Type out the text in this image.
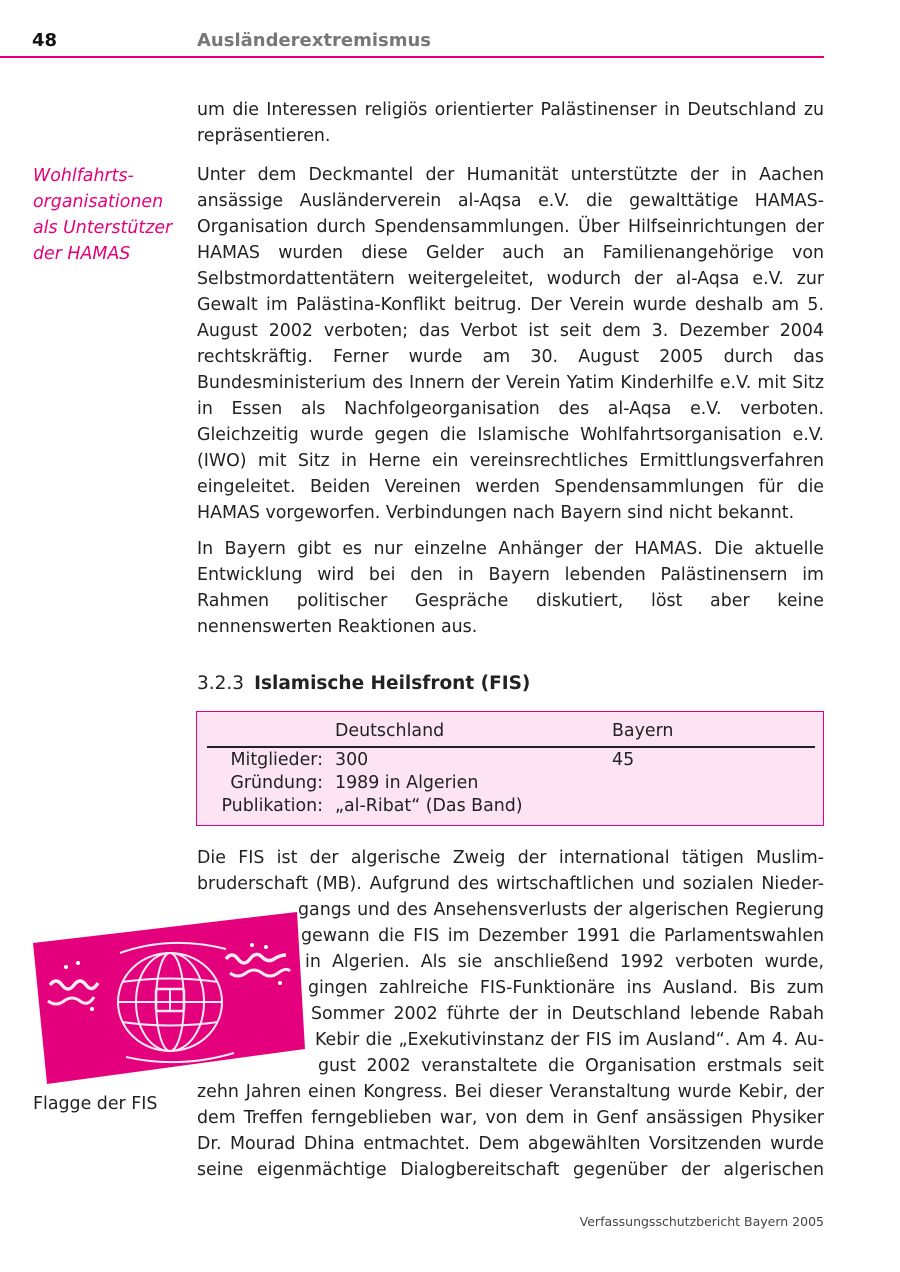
48	Ausländerextremismus

um die Interessen religiös orientierter Palästinenser in Deutschland zu repräsentieren.

Wohlfahrts-organisationen als Unterstützer der HAMAS

Unter dem Deckmantel der Humanität unterstützte der in Aachen ansässige Ausländerverein al-Aqsa e.V. die gewalttätige HAMAS-Organisation durch Spendensammlungen. Über Hilfseinrichtungen der HAMAS wurden diese Gelder auch an Familienangehörige von Selbstmordattentätern weitergeleitet, wodurch der al-Aqsa e.V. zur Gewalt im Palästina-Konflikt beitrug. Der Verein wurde deshalb am 5. August 2002 verboten; das Verbot ist seit dem 3. Dezember 2004 rechtskräftig. Ferner wurde am 30. August 2005 durch das Bundesministerium des Innern der Verein Yatim Kinderhilfe e.V. mit Sitz in Essen als Nachfolgeorganisation des al-Aqsa e.V. verboten. Gleichzeitig wurde gegen die Islamische Wohlfahrtsorganisation e.V. (IWO) mit Sitz in Herne ein vereinsrechtliches Ermittlungsverfahren eingeleitet. Beiden Vereinen werden Spendensammlungen für die HAMAS vorgeworfen. Verbindungen nach Bayern sind nicht bekannt.

In Bayern gibt es nur einzelne Anhänger der HAMAS. Die aktuelle Entwicklung wird bei den in Bayern lebenden Palästinensern im Rahmen politischer Gespräche diskutiert, löst aber keine nennenswerten Reaktionen aus.

3.2.3 Islamische Heilsfront (FIS)
Deutschland	Bayern
Mitglieder: 300	45
Gründung: 1989 in Algerien
Publikation: „al-Ribat“ (Das Band)
Die FIS ist der algerische Zweig der international tätigen Muslim-
bruderschaft (MB). Aufgrund des wirtschaftlichen und sozialen Nieder-
gangs und des Ansehensverlusts der algerischen Regierung
gewann die FIS im Dezember 1991 die Parlamentswahlen
in Algerien. Als sie anschließend 1992 verboten wurde,
gingen zahlreiche FIS-Funktionäre ins Ausland. Bis zum
Sommer 2002 führte der in Deutschland lebende Rabah
Kebir die „Exekutivinstanz der FIS im Ausland“. Am 4. Au-
gust 2002 veranstaltete die Organisation erstmals seit
zehn Jahren einen Kongress. Bei dieser Veranstaltung wurde Kebir, der
dem Treffen ferngeblieben war, von dem in Genf ansässigen Physiker
Dr. Mourad Dhina entmachtet. Dem abgewählten Vorsitzenden wurde
seine eigenmächtige Dialogbereitschaft gegenüber der algerischen
Flagge der FIS
Verfassungsschutzbericht Bayern 2005
